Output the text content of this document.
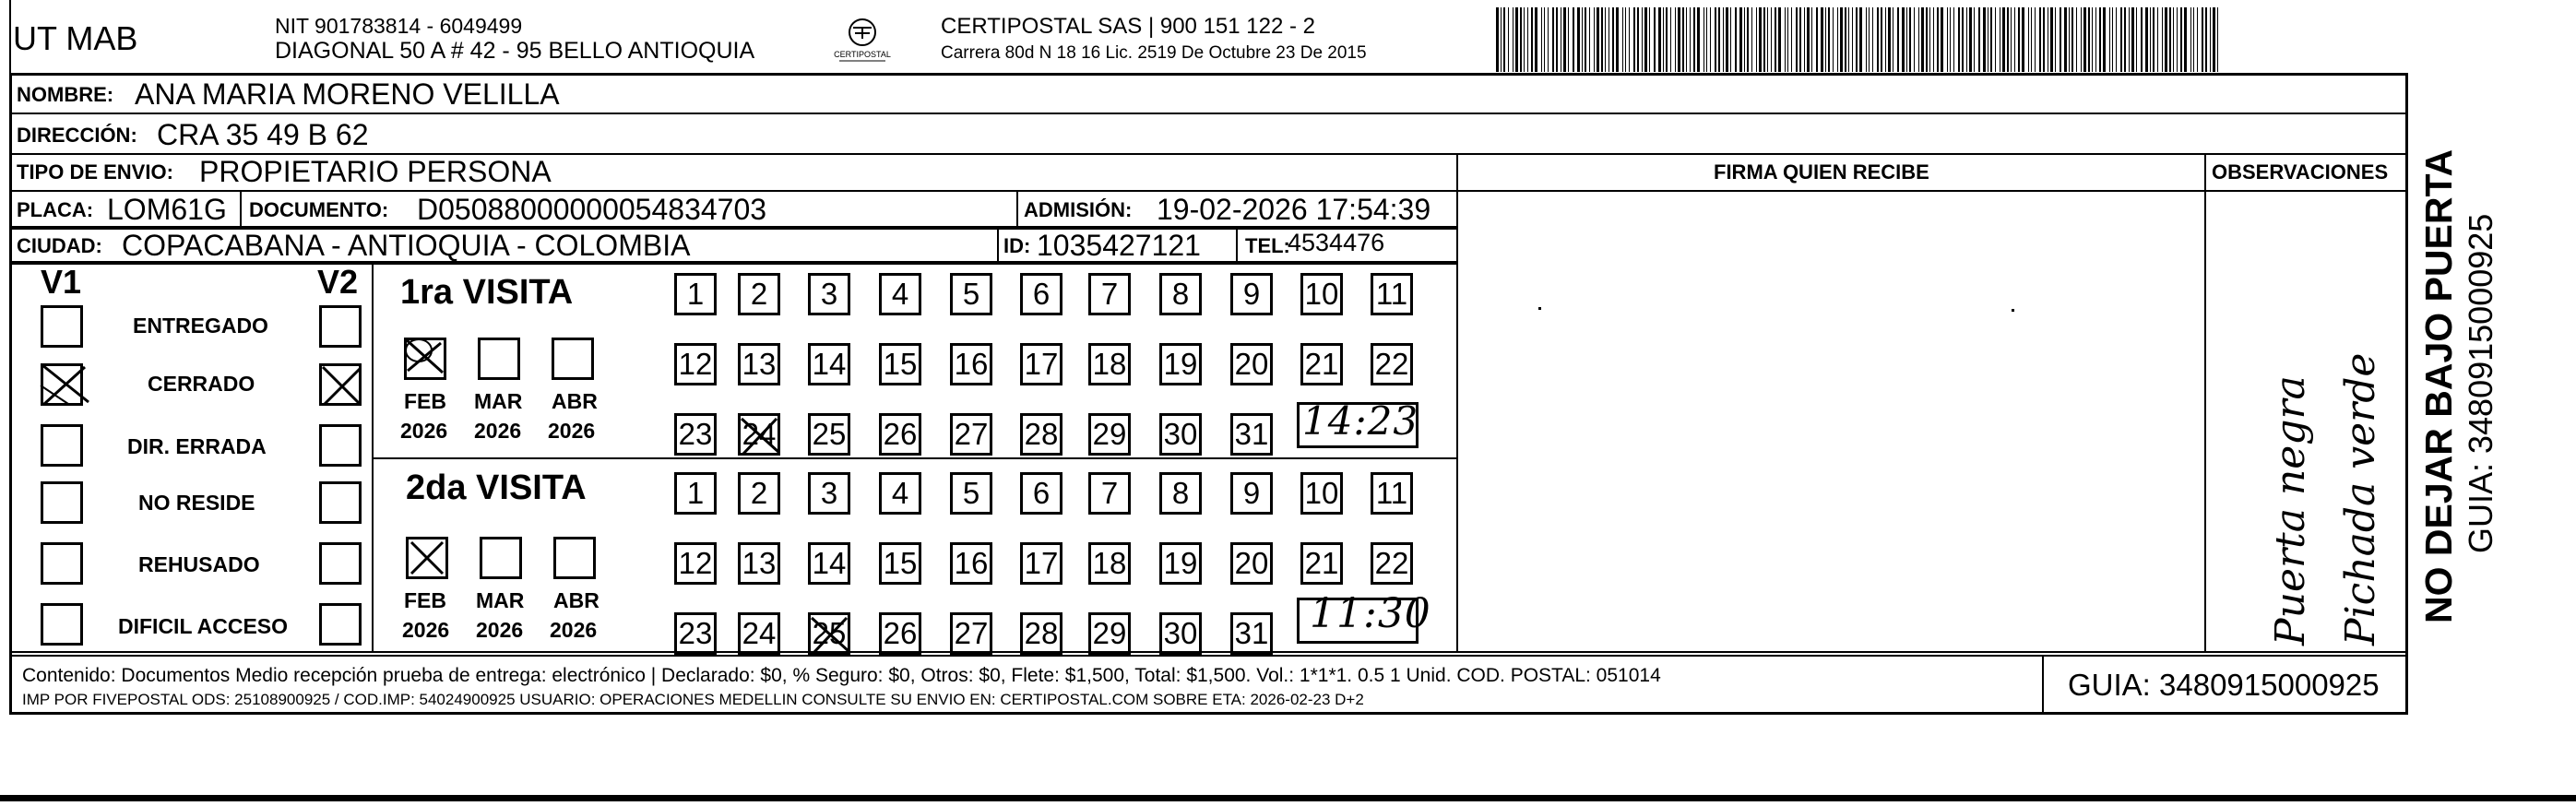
UT MAB	NIT 901783814 - 6049499
DIAGONAL 50 A # 42 - 95 BELLO ANTIOQUIA	CERTIPOSTAL
CERTIPOSTAL SAS | 900 151 122 - 2
Carrera 80d N 18 16 Lic. 2519 De Octubre 23 De 2015
NOMBRE: ANA MARIA MORENO VELILLA
DIRECCIÓN: CRA 35 49 B 62
TIPO DE ENVIO: PROPIETARIO PERSONA	FIRMA QUIEN RECIBE	OBSERVACIONES
PLACA: LOM61G DOCUMENTO: D05088000000054834703	ADMISIÓN: 19-02-2026 17:54:39
CIUDAD: COPACABANA - ANTIOQUIA - COLOMBIA	ID: 1035427121 TEL:
4534476
V1	V2
ENTREGADO
CERRADO
DIR. ERRADA
NO RESIDE
REHUSADO
DIFICIL ACCESO
1ra VISITA
FEB
2026
MAR
2026
ABR
2026
2da VISITA
FEB
2026
MAR
2026
ABR
2026
1	2	3	4	5	6	7	8	9	10 11
12 13 14 15 16 17 18 19 20 21 22
23 24 25 26 27 28 29 30 31
1	2	3	4	5	6	7	8	9	10 11
12 13 14 15 16 17 18 19 20 21 22
23 24 25 26 27 28 29 30 31
14:23
11:30	Puerta negra Pichada verde
Contenido: Documentos Medio recepción prueba de entrega: electrónico | Declarado: $0, % Seguro: $0, Otros: $0, Flete: $1,500, Total: $1,500. Vol.: 1*1*1. 0.5 1 Unid. COD. POSTAL: 051014
IMP POR FIVEPOSTAL ODS: 25108900925 / COD.IMP: 54024900925 USUARIO: OPERACIONES MEDELLIN CONSULTE SU ENVIO EN: CERTIPOSTAL.COM SOBRE ETA: 2026-02-23 D+2	GUIA: 3480915000925
NO DEJAR BAJO PUERTA GUIA: 3480915000925
